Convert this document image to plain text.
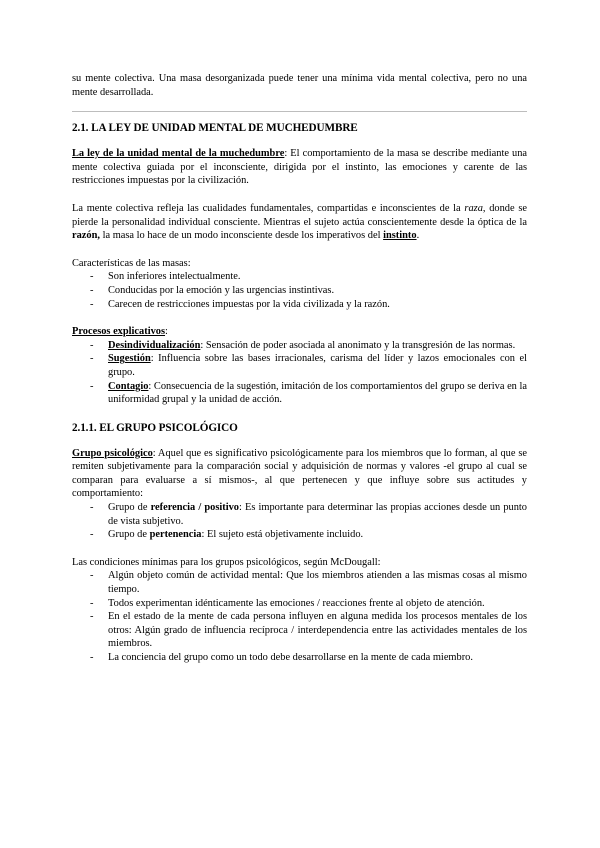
su mente colectiva. Una masa desorganizada puede tener una mínima vida mental colectiva, pero no una mente desarrollada.

2.1. LA LEY DE UNIDAD MENTAL DE MUCHEDUMBRE

La ley de la unidad mental de la muchedumbre: El comportamiento de la masa se describe mediante una mente colectiva guiada por el inconsciente, dirigida por el instinto, las emociones y carente de las restricciones impuestas por la civilización.

La mente colectiva refleja las cualidades fundamentales, compartidas e inconscientes de la raza, donde se pierde la personalidad individual consciente. Mientras el sujeto actúa conscientemente desde la óptica de la razón, la masa lo hace de un modo inconsciente desde los imperativos del instinto.

Características de las masas:

- Son inferiores intelectualmente.
- Conducidas por la emoción y las urgencias instintivas.
- Carecen de restricciones impuestas por la vida civilizada y la razón.

Procesos explicativos:

- Desindividualización: Sensación de poder asociada al anonimato y la transgresión de las normas.
- Sugestión: Influencia sobre las bases irracionales, carisma del líder y lazos emocionales con el grupo.
- Contagio: Consecuencia de la sugestión, imitación de los comportamientos del grupo se deriva en la uniformidad grupal y la unidad de acción.
2.1.1. EL GRUPO PSICOLÓGICO

Grupo psicológico: Aquel que es significativo psicológicamente para los miembros que lo forman, al que se remiten subjetivamente para la comparación social y adquisición de normas y valores -el grupo al cual se comparan para evaluarse a sí mismos-, al que pertenecen y que influye sobre sus actitudes y comportamiento:

- Grupo de referencia / positivo: Es importante para determinar las propias acciones desde un punto de vista subjetivo.
- Grupo de pertenencia: El sujeto está objetivamente incluido.

Las condiciones mínimas para los grupos psicológicos, según McDougall:

- Algún objeto común de actividad mental: Que los miembros atienden a las mismas cosas al mismo tiempo.
- Todos experimentan idénticamente las emociones / reacciones frente al objeto de atención.
- En el estado de la mente de cada persona influyen en alguna medida los procesos mentales de los otros: Algún grado de influencia recíproca / interdependencia entre las actividades mentales de los miembros.
- La conciencia del grupo como un todo debe desarrollarse en la mente de cada miembro.
